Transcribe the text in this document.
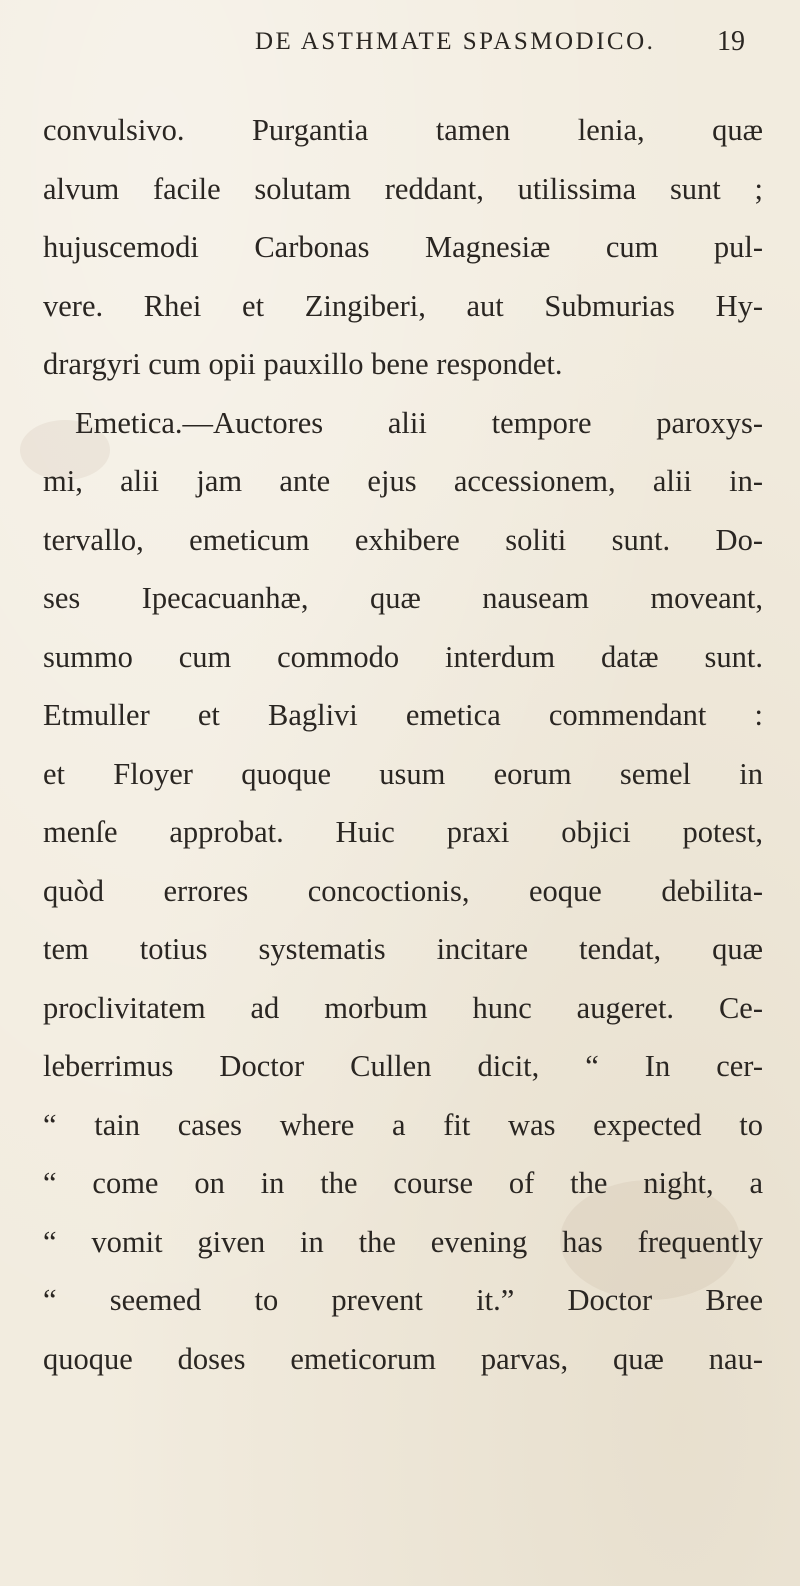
DE ASTHMATE SPASMODICO. 19
convulsivo. Purgantia tamen lenia, quæ
alvum facile solutam reddant, utilissima sunt ;
hujuscemodi Carbonas Magnesiæ cum pul-
vere. Rhei et Zingiberi, aut Submurias Hy-
drargyri cum opii pauxillo bene respondet.
Emetica.—Auctores alii tempore paroxys-
mi, alii jam ante ejus accessionem, alii in-
tervallo, emeticum exhibere soliti sunt. Do-
ses Ipecacuanhæ, quæ nauseam moveant,
summo cum commodo interdum datæ sunt.
Etmuller et Baglivi emetica commendant :
et Floyer quoque usum eorum semel in
menſe approbat. Huic praxi objici potest,
quòd errores concoctionis, eoque debilita-
tem totius systematis incitare tendat, quæ
proclivitatem ad morbum hunc augeret. Ce-
leberrimus Doctor Cullen dicit, “ In cer-
“ tain cases where a fit was expected to
“ come on in the course of the night, a
“ vomit given in the evening has frequently
“ seemed to prevent it.” Doctor Bree
quoque doses emeticorum parvas, quæ nau-
